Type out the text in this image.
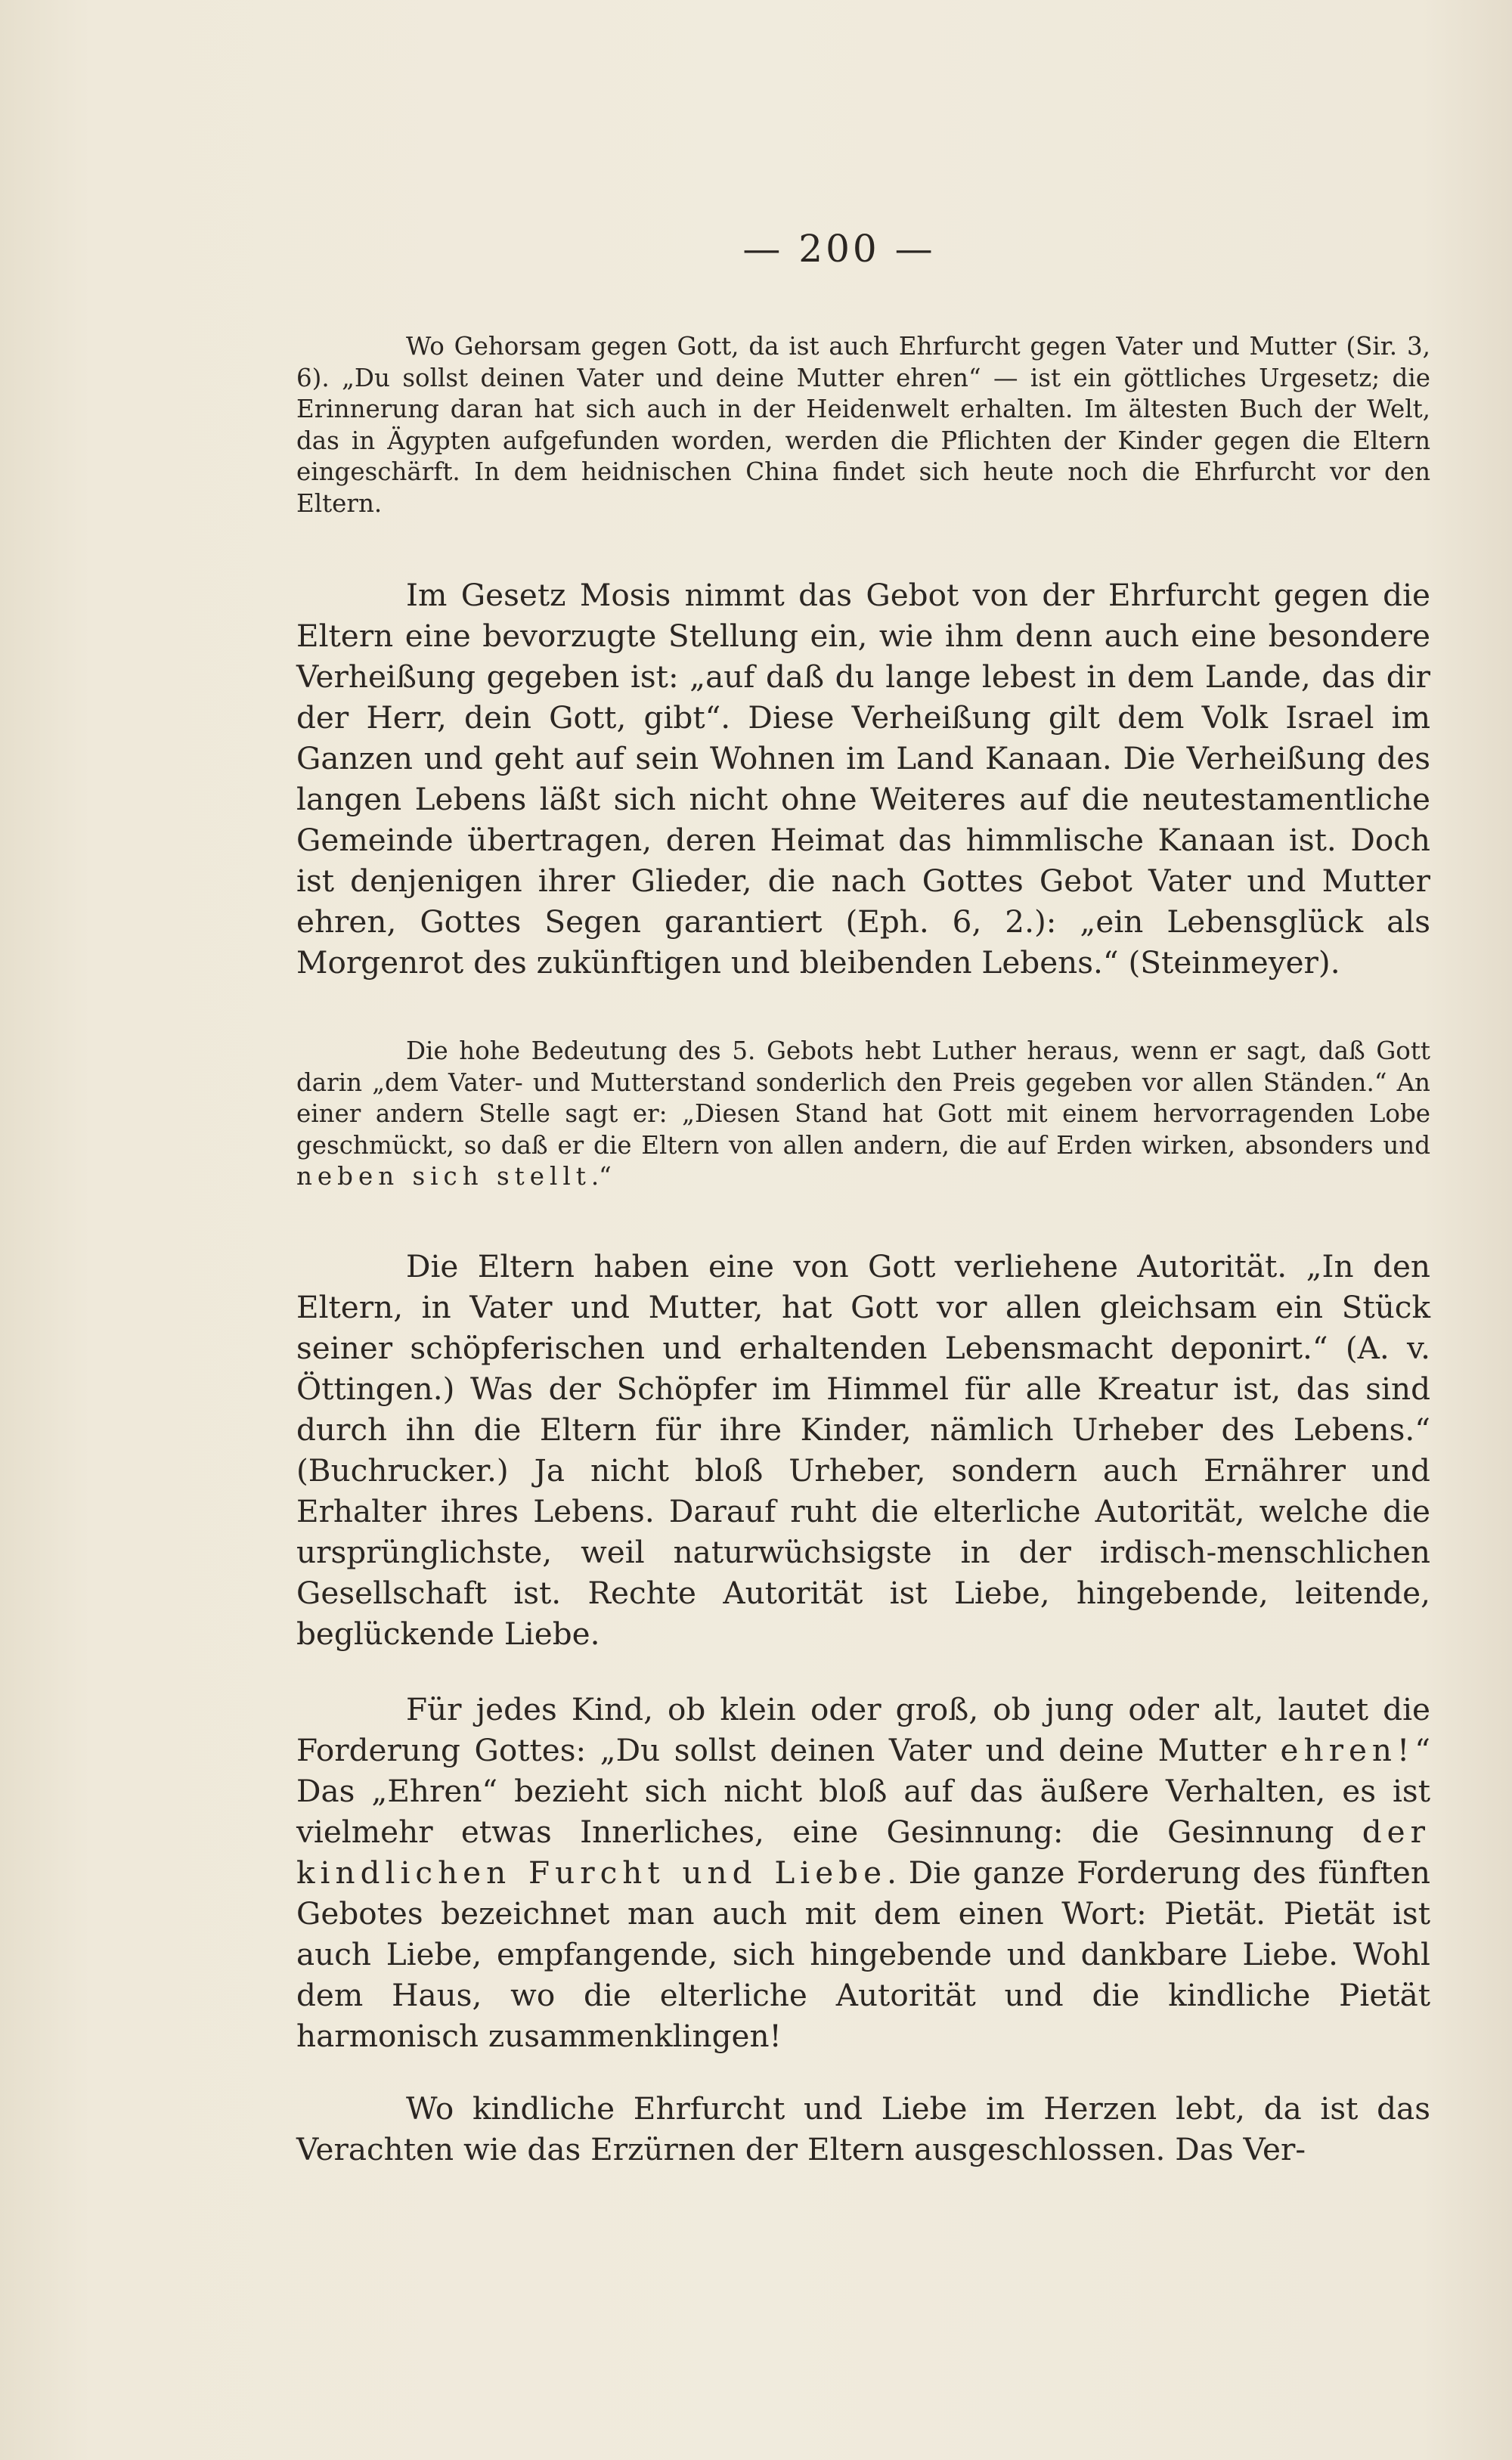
— 200 —

Wo Gehorsam gegen Gott, da ist auch Ehrfurcht gegen Vater und Mutter (Sir. 3, 6). „Du sollst deinen Vater und deine Mutter ehren“ — ist ein göttliches Urgesetz; die Erinnerung daran hat sich auch in der Heidenwelt erhalten. Im ältesten Buch der Welt, das in Ägypten aufgefunden worden, werden die Pflichten der Kinder gegen die Eltern eingeschärft. In dem heidnischen China findet sich heute noch die Ehrfurcht vor den Eltern.

Im Gesetz Mosis nimmt das Gebot von der Ehrfurcht gegen die Eltern eine bevorzugte Stellung ein, wie ihm denn auch eine besondere Verheißung gegeben ist: „auf daß du lange lebest in dem Lande, das dir der Herr, dein Gott, gibt“. Diese Verheißung gilt dem Volk Israel im Ganzen und geht auf sein Wohnen im Land Kanaan. Die Verheißung des langen Lebens läßt sich nicht ohne Weiteres auf die neutestamentliche Gemeinde übertragen, deren Heimat das himmlische Kanaan ist. Doch ist denjenigen ihrer Glieder, die nach Gottes Gebot Vater und Mutter ehren, Gottes Segen garantiert (Eph. 6, 2.): „ein Lebensglück als Morgenrot des zukünftigen und bleibenden Lebens.“ (Steinmeyer).

Die hohe Bedeutung des 5. Gebots hebt Luther heraus, wenn er sagt, daß Gott darin „dem Vater- und Mutterstand sonderlich den Preis gegeben vor allen Ständen.“ An einer andern Stelle sagt er: „Diesen Stand hat Gott mit einem hervorragenden Lobe geschmückt, so daß er die Eltern von allen andern, die auf Erden wirken, absonders und neben sich stellt.“

Die Eltern haben eine von Gott verliehene Autorität. „In den Eltern, in Vater und Mutter, hat Gott vor allen gleichsam ein Stück seiner schöpferischen und erhaltenden Lebensmacht deponirt.“ (A. v. Öttingen.) Was der Schöpfer im Himmel für alle Kreatur ist, das sind durch ihn die Eltern für ihre Kinder, nämlich Urheber des Lebens.“ (Buchrucker.) Ja nicht bloß Urheber, sondern auch Ernährer und Erhalter ihres Lebens. Darauf ruht die elterliche Autorität, welche die ursprünglichste, weil naturwüchsigste in der irdisch-menschlichen Gesellschaft ist. Rechte Autorität ist Liebe, hingebende, leitende, beglückende Liebe.

Für jedes Kind, ob klein oder groß, ob jung oder alt, lautet die Forderung Gottes: „Du sollst deinen Vater und deine Mutter ehren!“ Das „Ehren“ bezieht sich nicht bloß auf das äußere Verhalten, es ist vielmehr etwas Innerliches, eine Gesinnung: die Gesinnung der kindlichen Furcht und Liebe. Die ganze Forderung des fünften Gebotes bezeichnet man auch mit dem einen Wort: Pietät. Pietät ist auch Liebe, empfangende, sich hingebende und dankbare Liebe. Wohl dem Haus, wo die elterliche Autorität und die kindliche Pietät harmonisch zusammenklingen!

Wo kindliche Ehrfurcht und Liebe im Herzen lebt, da ist das Verachten wie das Erzürnen der Eltern ausgeschlossen. Das Ver-
